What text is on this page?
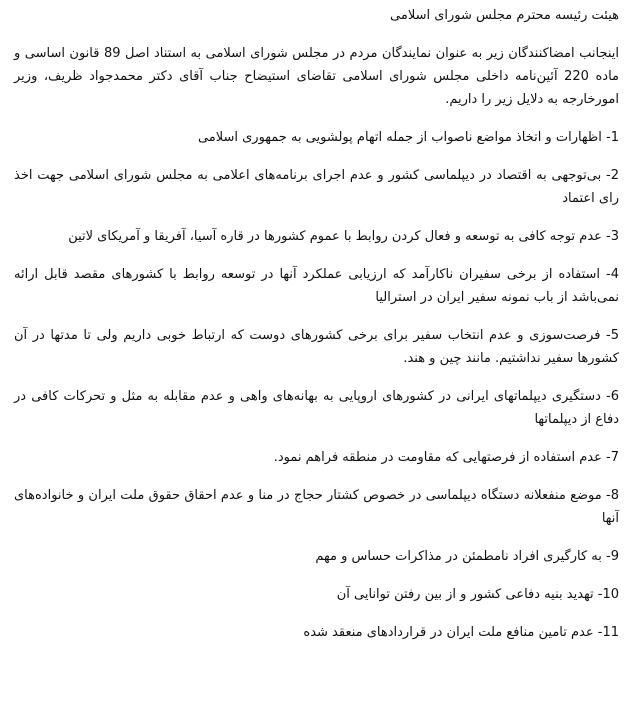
هیئت رئیسه محترم مجلس شورای اسلامی
اینجانب امضاکنندگان زیر به عنوان نمایندگان مردم در مجلس شورای اسلامی به استناد اصل 89 قانون اساسی و ماده 220 آئین‌نامه داخلی مجلس شورای اسلامی تقاضای استیضاح جناب آقای دکتر محمدجواد ظریف، وزیر امورخارجه به دلایل زیر را داریم.
1- اظهارات و اتخاذ مواضع ناصواب از جمله اتهام پولشویی به جمهوری اسلامی
2- بی‌توجهی به اقتصاد در دیپلماسی کشور و عدم اجرای برنامه‌های اعلامی به مجلس شورای اسلامی جهت اخذ رای اعتماد
3- عدم توجه کافی به توسعه و فعال کردن روابط با عموم کشورها در قاره آسیا، آفریقا و آمریکای لاتین
4- استفاده از برخی سفیران ناکارآمد که ارزیابی عملکرد آنها در توسعه روابط با کشورهای مقصد قابل ارائه نمی‌باشد از باب نمونه سفیر ایران در استرالیا
5- فرصت‌سوزی و عدم انتخاب سفیر برای برخی کشورهای دوست که ارتباط خوبی داریم ولی تا مدتها در آن کشورها سفیر نداشتیم. مانند چین و هند.
6- دستگیری دیپلماتهای ایرانی در کشورهای اروپایی به بهانه‌های واهی و عدم مقابله به مثل و تحرکات کافی در دفاع از دیپلماتها
7- عدم استفاده از فرصتهایی که مقاومت در منطقه فراهم نمود.
8- موضع منفعلانه دستگاه دیپلماسی در خصوص کشتار حجاج در منا و عدم احقاق حقوق ملت ایران و خانواده‌های آنها
9- به کارگیری افراد نامطمئن در مذاکرات حساس و مهم
10- تهدید بنیه دفاعی کشور و از بین رفتن توانایی آن
11- عدم تامین منافع ملت ایران در قراردادهای منعقد شده
